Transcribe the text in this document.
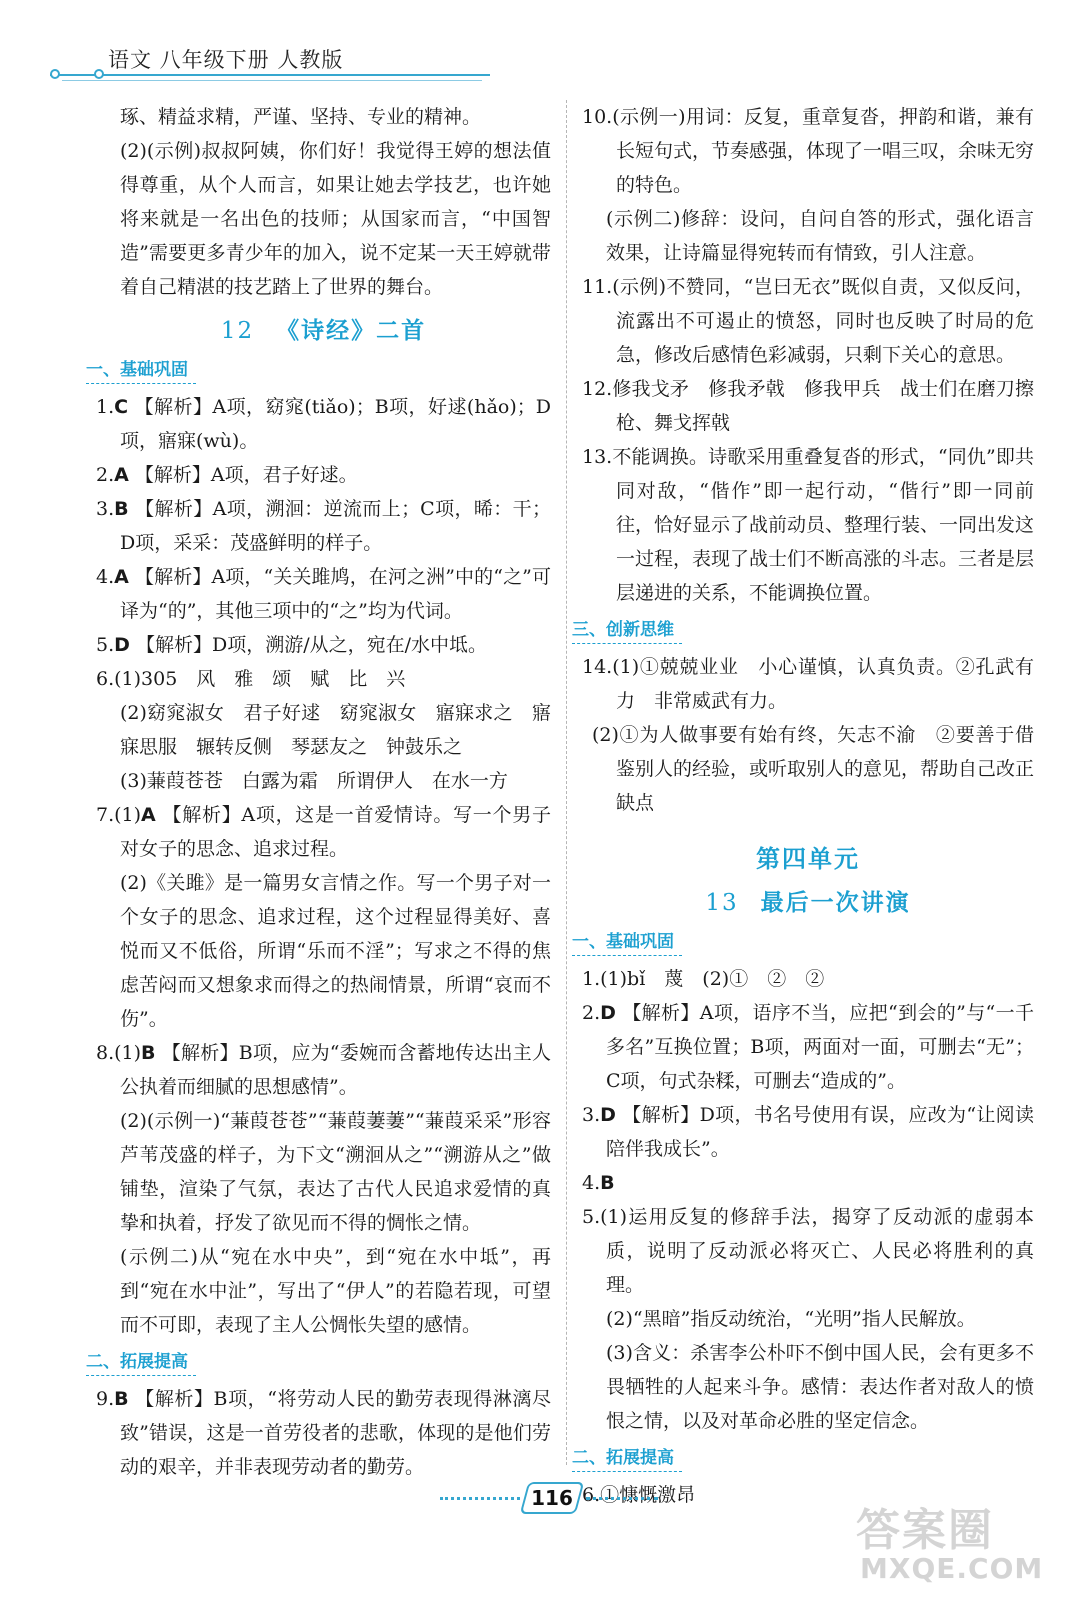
语文 八年级下册 人教版

琢、精益求精，严谨、坚持、专业的精神。

(2)(示例)叔叔阿姨，你们好！我觉得王婷的想法值得尊重，从个人而言，如果让她去学技艺，也许她将来就是一名出色的技师；从国家而言，“中国智造”需要更多青少年的加入，说不定某一天王婷就带着自己精湛的技艺踏上了世界的舞台。

12 《诗经》二首
一、基础巩固

1.C 【解析】A项，窈窕(tiǎo)；B项，好逑(hǎo)；D项，寤寐(wù)。

2.A 【解析】A项，君子好逑。

3.B 【解析】A项，溯洄：逆流而上；C项，晞：干；D项，采采：茂盛鲜明的样子。

4.A 【解析】A项，“关关雎鸠，在河之洲”中的“之”可译为“的”，其他三项中的“之”均为代词。

5.D 【解析】D项，溯游/从之，宛在/水中坻。

6.(1)305　风　雅　颂　赋　比　兴

(2)窈窕淑女　君子好逑　窈窕淑女　寤寐求之　寤寐思服　辗转反侧　琴瑟友之　钟鼓乐之

(3)蒹葭苍苍　白露为霜　所谓伊人　在水一方

7.(1)A 【解析】A项，这是一首爱情诗。写一个男子对女子的思念、追求过程。

(2)《关雎》是一篇男女言情之作。写一个男子对一个女子的思念、追求过程，这个过程显得美好、喜悦而又不低俗，所谓“乐而不淫”；写求之不得的焦虑苦闷而又想象求而得之的热闹情景，所谓“哀而不伤”。

8.(1)B 【解析】B项，应为“委婉而含蓄地传达出主人公执着而细腻的思想感情”。

(2)(示例一)“蒹葭苍苍”“蒹葭萋萋”“蒹葭采采”形容芦苇茂盛的样子，为下文“溯洄从之”“溯游从之”做铺垫，渲染了气氛，表达了古代人民追求爱情的真挚和执着，抒发了欲见而不得的惆怅之情。

(示例二)从“宛在水中央”，到“宛在水中坻”，再到“宛在水中沚”，写出了“伊人”的若隐若现，可望而不可即，表现了主人公惆怅失望的感情。

二、拓展提高

9.B 【解析】B项，“将劳动人民的勤劳表现得淋漓尽致”错误，这是一首劳役者的悲歌，体现的是他们劳动的艰辛，并非表现劳动者的勤劳。

10.(示例一)用词：反复，重章复沓，押韵和谐，兼有长短句式，节奏感强，体现了一唱三叹，余味无穷的特色。

(示例二)修辞：设问，自问自答的形式，强化语言效果，让诗篇显得宛转而有情致，引人注意。

11.(示例)不赞同，“岂曰无衣”既似自责，又似反问，流露出不可遏止的愤怒，同时也反映了时局的危急，修改后感情色彩减弱，只剩下关心的意思。

12.修我戈矛　修我矛戟　修我甲兵　战士们在磨刀擦枪、舞戈挥戟

13.不能调换。诗歌采用重叠复沓的形式，“同仇”即共同对敌，“偕作”即一起行动，“偕行”即一同前往，恰好显示了战前动员、整理行装、一同出发这一过程，表现了战士们不断高涨的斗志。三者是层层递进的关系，不能调换位置。

三、创新思维

14.(1)①兢兢业业　小心谨慎，认真负责。②孔武有力　非常威武有力。

(2)①为人做事要有始有终，矢志不渝　②要善于借鉴别人的经验，或听取别人的意见，帮助自己改正缺点

第四单元
13 最后一次讲演
一、基础巩固

1.(1)bǐ　蔑　(2)①　②　②

2.D 【解析】A项，语序不当，应把“到会的”与“一千多名”互换位置；B项，两面对一面，可删去“无”；C项，句式杂糅，可删去“造成的”。

3.D 【解析】D项，书名号使用有误，应改为“让阅读陪伴我成长”。

4.B

5.(1)运用反复的修辞手法，揭穿了反动派的虚弱本质，说明了反动派必将灭亡、人民必将胜利的真理。

(2)“黑暗”指反动统治，“光明”指人民解放。

(3)含义：杀害李公朴吓不倒中国人民，会有更多不畏牺牲的人起来斗争。感情：表达作者对敌人的愤恨之情，以及对革命必胜的坚定信念。

二、拓展提高

6.①慷慨激昂

116
答案圈
MXQE.COM
